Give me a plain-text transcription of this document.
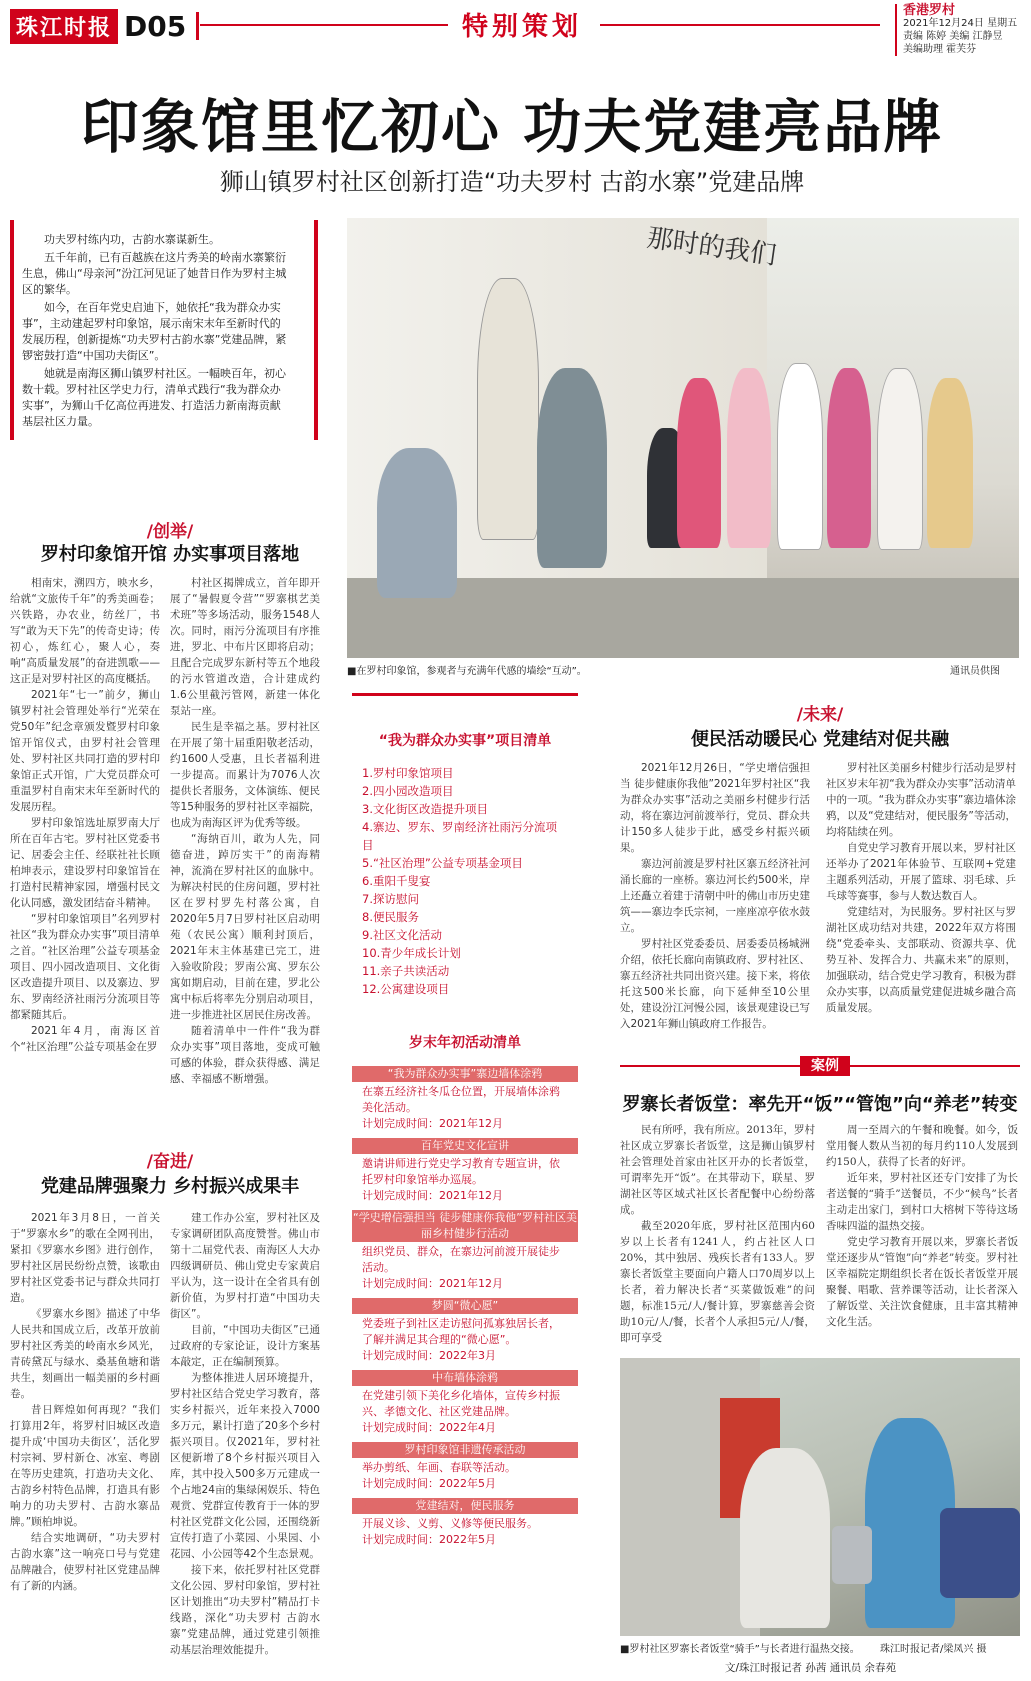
珠江时报 D05	特别策划
香港罗村
2021年12月24日 星期五
责编 陈婷 美编 江静昱
美编助理 霍芙芬
印象馆里忆初心 功夫党建亮品牌
狮山镇罗村社区创新打造“功夫罗村 古韵水寨”党建品牌

功夫罗村练内功，古韵水寨谋新生。

五千年前，已有百越族在这片秀美的岭南水寨繁衍生息，佛山“母亲河”汾江河见证了她昔日作为罗村主城区的繁华。

如今，在百年党史启迪下，她依托“我为群众办实事”，主动建起罗村印象馆，展示南宋末年至新时代的发展历程，创新提炼“功夫罗村古韵水寨”党建品牌，紧锣密鼓打造“中国功夫街区”。

她就是南海区狮山镇罗村社区。一幅映百年，初心数十载。罗村社区学史力行，清单式践行“我为群众办实事”，为狮山千亿高位再进发、打造活力新南海贡献基层社区力量。

那时的我们
■在罗村印象馆，参观者与充满年代感的墙绘“互动”。	通讯员供图
/创举/
罗村印象馆开馆 办实事项目落地

相南宋，溯四方，映水乡，给就“文旅传千年”的秀美画卷；兴铁路，办农业，纺丝厂，书写“敢为天下先”的传奇史诗；传初心，炼红心，聚人心，奏响“高质量发展”的奋进凯歌——这正是对罗村社区的高度概括。

2021年“七一”前夕，狮山镇罗村社会管理处举行“光荣在党50年”纪念章颁发暨罗村印象馆开馆仪式，由罗村社会管理处、罗村社区共同打造的罗村印象馆正式开馆，广大党员群众可重温罗村自南宋末年至新时代的发展历程。

罗村印象馆选址原罗南大厅所在百年古宅。罗村社区党委书记、居委会主任、经联社社长顾柏坤表示，建设罗村印象馆旨在打造村民精神家园，增强村民文化认同感，激发团结奋斗精神。

“罗村印象馆项目”名列罗村社区“我为群众办实事”项目清单之首。“社区治理”公益专项基金项目、四小园改造项目、文化街区改造提升项目、以及寨边、罗东、罗南经济社雨污分流项目等都紧随其后。

2021年4月，南海区首个“社区治理”公益专项基金在罗

村社区揭牌成立，首年即开展了“暑假夏令营”“罗寨棋艺美术班”等多场活动，服务1548人次。同时，雨污分流项目有序推进，罗北、中布片区即将启动；且配合完成罗东新村等五个地段的污水管道改造，合计建成约1.6公里截污管网，新建一体化泵站一座。

民生是幸福之基。罗村社区在开展了第十届重阳敬老活动，约1600人受惠，且长者福利进一步提高。而累计为7076人次提供长者服务，文体演练、便民等15种服务的罗村社区幸福院，也成为南海区评为优秀等级。

“海纳百川，敢为人先，同德奋进，踔厉实干”的南海精神，流淌在罗村社区的血脉中。为解决村民的住房问题，罗村社区在罗村罗先村落公寓，自2020年5月7日罗村社区启动明苑（农民公寓）顺利封顶后，2021年末主体基建已完工，进入验收阶段；罗南公寓、罗东公寓如期启动，目前在建，罗北公寓中标后将率先分别启动项目，进一步推进社区居民住房改善。

随着清单中一件件“我为群众办实事”项目落地，变成可触可感的体验，群众获得感、满足感、幸福感不断增强。

/奋进/
党建品牌强聚力 乡村振兴成果丰

2021年3月8日，一首关于“罗寨水乡”的歌在全网刊出，紧扣《罗寨水乡图》进行创作，罗村社区居民纷纷点赞，该歌由罗村社区党委书记与群众共同打造。

《罗寨水乡图》描述了中华人民共和国成立后，改革开放前罗村社区秀美的岭南水乡风光，青砖黛瓦与绿水、桑基鱼塘和谐共生，刻画出一幅美丽的乡村画卷。

昔日辉煌如何再现？“我们打算用2年，将罗村旧城区改造提升成‘中国功夫街区’，活化罗村宗祠、罗村新仓、冰室、粤剧在等历史建筑，打造功夫文化、古韵乡村特色品牌，打造具有影响力的功夫罗村、古韵水寨品牌。”顾柏坤说。

结合实地调研，“功夫罗村 古韵水寨”这一响亮口号与党建品牌融合，使罗村社区党建品牌有了新的内涵。

建工作办公室，罗村社区及专家调研团队高度赞誉。佛山市第十二届党代表、南海区人大办四级调研员、佛山党史专家黄启平认为，这一设计在全省具有创新价值，为罗村打造“中国功夫街区”。

目前，“中国功夫街区”已通过政府的专家论证，设计方案基本敲定，正在编制预算。

为整体推进人居环境提升，罗村社区结合党史学习教育，落实乡村振兴，近年来投入7000多万元，累计打造了20多个乡村振兴项目。仅2021年，罗村社区便新增了8个乡村振兴项目入库，其中投入500多万元建成一个占地24亩的集绿闲娱乐、特色观赏、党群宣传教育于一体的罗村社区党群文化公园，还围绕新宣传打造了小菜园、小果园、小花园、小公园等42个生态景观。

接下来，依托罗村社区党群文化公园、罗村印象馆，罗村社区计划推出“功夫罗村”精品打卡线路，深化“功夫罗村 古韵水寨”党建品牌，通过党建引领推动基层治理效能提升。

“我为群众办实事”项目清单
1.罗村印象馆项目
2.四小园改造项目
3.文化街区改造提升项目
4.寨边、罗东、罗南经济社雨污分流项目
5.“社区治理”公益专项基金项目
6.重阳千叟宴
7.探访慰问
8.便民服务
9.社区文化活动
10.青少年成长计划
11.亲子共读活动
12.公寓建设项目
岁末年初活动清单
“我为群众办实事”寨边墙体涂鸦
在寨五经济社冬瓜仓位置，开展墙体涂鸦美化活动。
计划完成时间：2021年12月
百年党史文化宣讲
邀请讲师进行党史学习教育专题宣讲，依托罗村印象馆举办巡展。
计划完成时间：2021年12月
“学史增信强担当 徒步健康你我他”罗村社区美丽乡村健步行活动
组织党员、群众，在寨边河前渡开展徒步活动。
计划完成时间：2021年12月
梦圆“微心愿”
党委班子到社区走访慰问孤寡独居长者，了解并满足其合理的“微心愿”。
计划完成时间：2022年3月
中布墙体涂鸦
在党建引领下美化乡化墙体，宣传乡村振兴、孝德文化、社区党建品牌。
计划完成时间：2022年4月
罗村印象馆非遗传承活动
举办剪纸、年画、春联等活动。
计划完成时间：2022年5月
党建结对，便民服务
开展义诊、义剪、义修等便民服务。
计划完成时间：2022年5月
/未来/
便民活动暖民心 党建结对促共融

2021年12月26日，“学史增信强担当 徒步健康你我他”2021年罗村社区“我为群众办实事”活动之美丽乡村健步行活动，将在寨边河前渡举行，党员、群众共计150多人徒步于此，感受乡村振兴硕果。

寨边河前渡是罗村社区寨五经济社河涌长廊的一座桥。寨边河长约500米，岸上还矗立着建于清朝中叶的佛山市历史建筑——寨边李氏宗祠，一座座凉亭依水鼓立。

罗村社区党委委员、居委委员杨城洲介绍，依托长廊向南镇政府、罗村社区、寨五经济社共同出资兴建。接下来，将依托这500米长廊，向下延伸至10公里处，建设汾江河慢公园，该景观建设已写入2021年狮山镇政府工作报告。

罗村社区美丽乡村健步行活动是罗村社区岁末年初“我为群众办实事”活动清单中的一项。“我为群众办实事”寨边墙体涂鸦，以及“党建结对，便民服务”等活动，均将陆续在列。

自党史学习教育开展以来，罗村社区还举办了2021年体验节、互联网+党建主题系列活动，开展了篮球、羽毛球、乒乓球等赛事，参与人数达数百人。

党建结对，为民服务。罗村社区与罗湖社区成功结对共建，2022年双方将围绕“党委牵头、支部联动、资源共享、优势互补、发挥合力、共赢未来”的原则，加强联动，结合党史学习教育，积极为群众办实事，以高质量党建促进城乡融合高质量发展。

案例
罗寨长者饭堂：率先开“饭”“管饱”向“养老”转变

民有所呼，我有所应。2013年，罗村社区成立罗寨长者饭堂，这是狮山镇罗村社会管理处首家由社区开办的长者饭堂，可谓率先开“饭”。在其带动下，联星、罗湖社区等区域式社区长者配餐中心纷纷落成。

截至2020年底，罗村社区范围内60岁以上长者有1241人，约占社区人口20%，其中独居、残疾长者有133人。罗寨长者饭堂主要面向户籍人口70周岁以上长者，着力解决长者“买菜做饭难”的问题，标准15元/人/餐计算，罗寨慈善会资助10元/人/餐，长者个人承担5元/人/餐，即可享受

周一至周六的午餐和晚餐。如今，饭堂用餐人数从当初的每月约110人发展到约150人，获得了长者的好评。

近年来，罗村社区还专门安排了为长者送餐的“骑手”送餐员，不少“候鸟”长者主动走出家门，到村口大榕树下等待这场香味四溢的温热交接。

党史学习教育开展以来，罗寨长者饭堂还逐步从“管饱”向“养老”转变。罗村社区幸福院定期组织长者在饭长者饭堂开展聚餐、唱歌、营养课等活动，让长者深入了解饭堂、关注饮食健康，且丰富其精神文化生活。

■罗村社区罗寨长者饭堂“骑手”与长者进行温热交接。 珠江时报记者/梁凤兴 摄
文/珠江时报记者 孙茜 通讯员 余春苑
